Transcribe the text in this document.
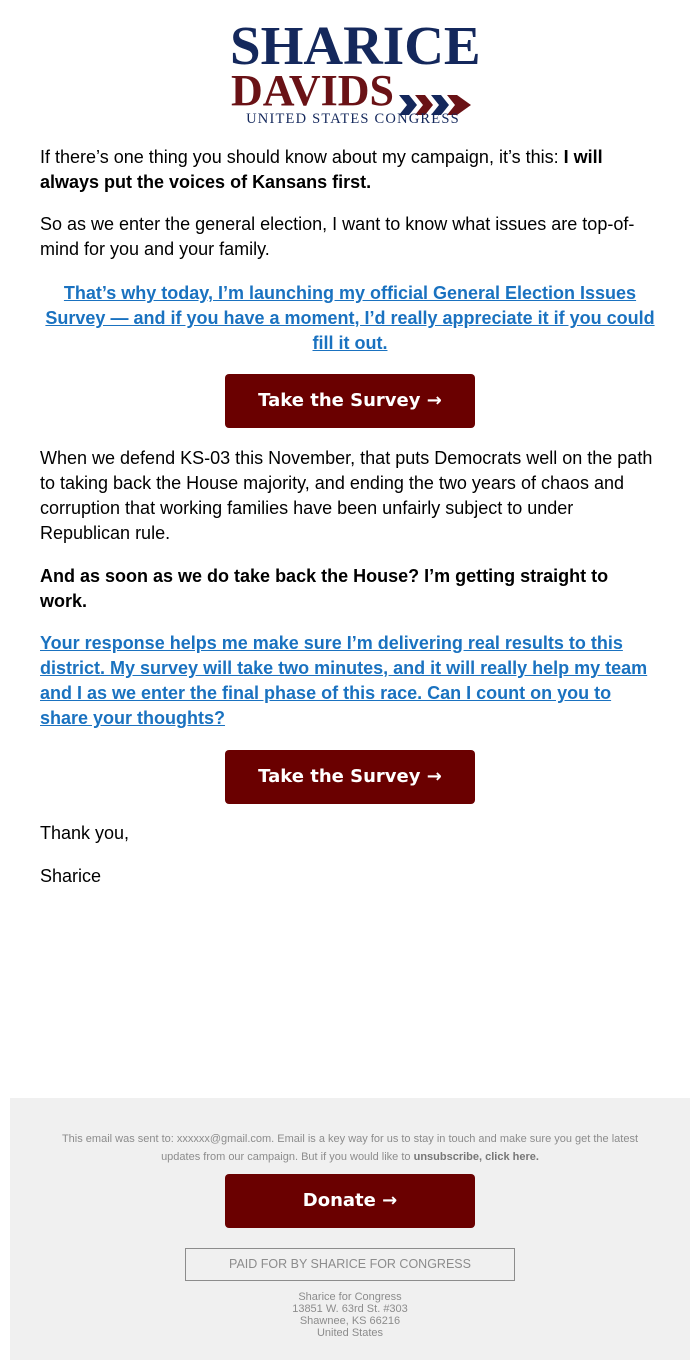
SHARICE
DAVIDS
UNITED STATES CONGRESS

If there’s one thing you should know about my campaign, it’s this: I will always put the voices of Kansans first.

So as we enter the general election, I want to know what issues are top-of-mind for you and your family.

That’s why today, I’m launching my official General Election Issues Survey — and if you have a moment, I’d really appreciate it if you could fill it out.

Take the Survey →

When we defend KS-03 this November, that puts Democrats well on the path to taking back the House majority, and ending the two years of chaos and corruption that working families have been unfairly subject to under Republican rule.

And as soon as we do take back the House? I’m getting straight to work.

Your response helps me make sure I’m delivering real results to this district. My survey will take two minutes, and it will really help my team and I as we enter the final phase of this race. Can I count on you to share your thoughts?

Take the Survey →

Thank you,

Sharice

This email was sent to: xxxxxx@gmail.com. Email is a key way for us to stay in touch and make sure you get the latest updates from our campaign. But if you would like to unsubscribe, click here.
Donate →
PAID FOR BY SHARICE FOR CONGRESS
Sharice for Congress
13851 W. 63rd St. #303
Shawnee, KS 66216
United States
